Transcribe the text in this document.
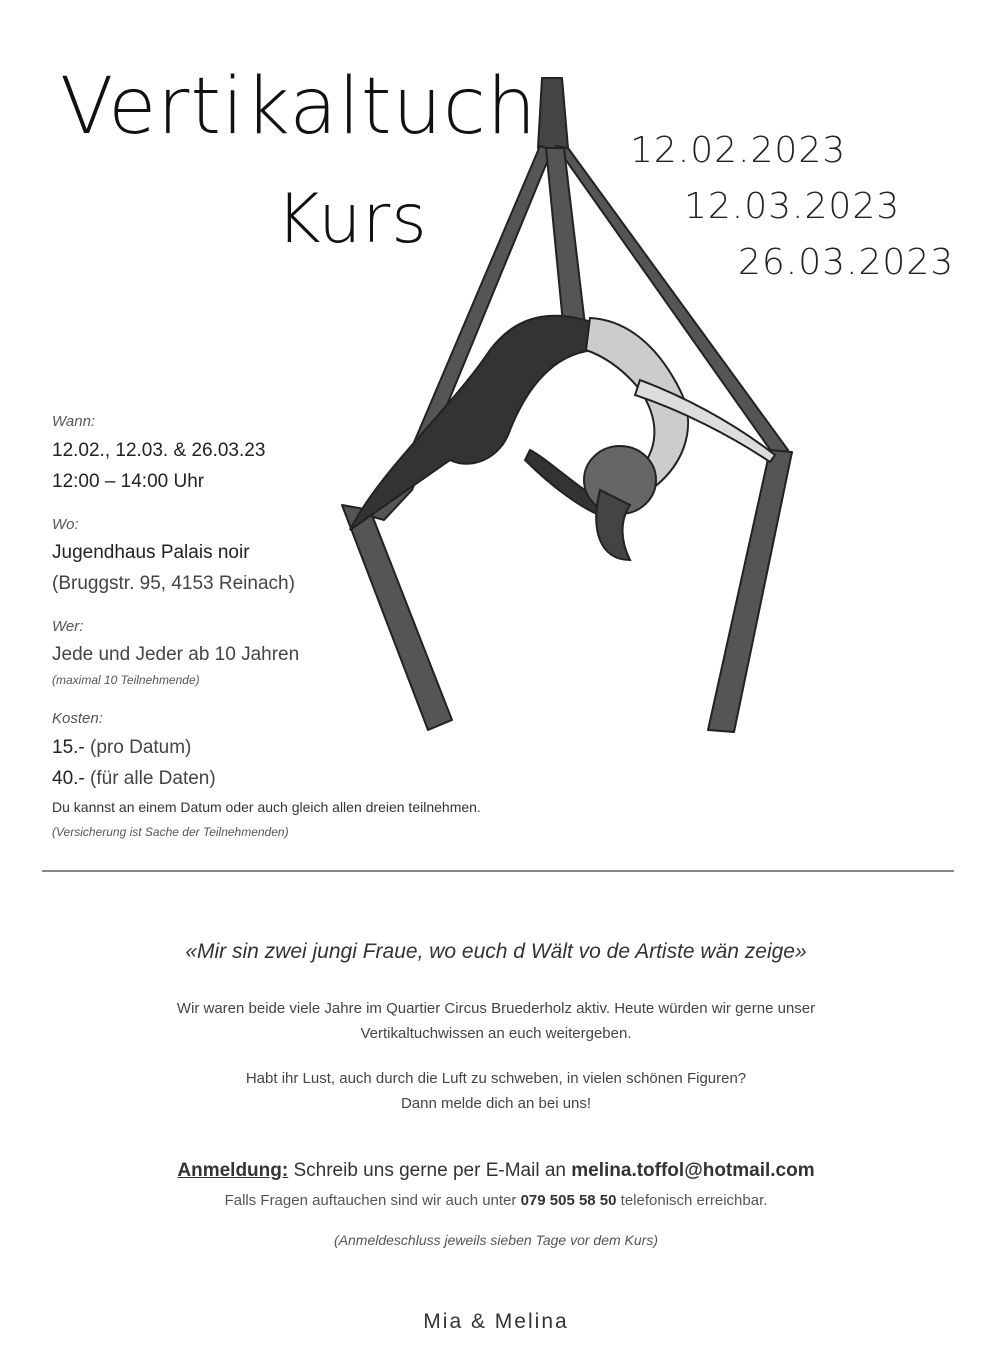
Vertikaltuch
Kurs
12.02.2023
12.03.2023
26.03.2023
Wann:
12.02., 12.03. & 26.03.23
12:00 – 14:00 Uhr
Wo:
Jugendhaus Palais noir
(Bruggstr. 95, 4153 Reinach)
Wer:
Jede und Jeder ab 10 Jahren
(maximal 10 Teilnehmende)
Kosten:
15.- (pro Datum)
40.- (für alle Daten)
Du kannst an einem Datum oder auch gleich allen dreien teilnehmen.
(Versicherung ist Sache der Teilnehmenden)
«Mir sin zwei jungi Fraue, wo euch d Wält vo de Artiste wän zeige»
Wir waren beide viele Jahre im Quartier Circus Bruederholz aktiv. Heute würden wir gerne unser
Vertikaltuchwissen an euch weitergeben.
Habt ihr Lust, auch durch die Luft zu schweben, in vielen schönen Figuren?
Dann melde dich an bei uns!
Anmeldung: Schreib uns gerne per E-Mail an melina.toffol@hotmail.com
Falls Fragen auftauchen sind wir auch unter 079 505 58 50 telefonisch erreichbar.
(Anmeldeschluss jeweils sieben Tage vor dem Kurs)
Mia & Melina
